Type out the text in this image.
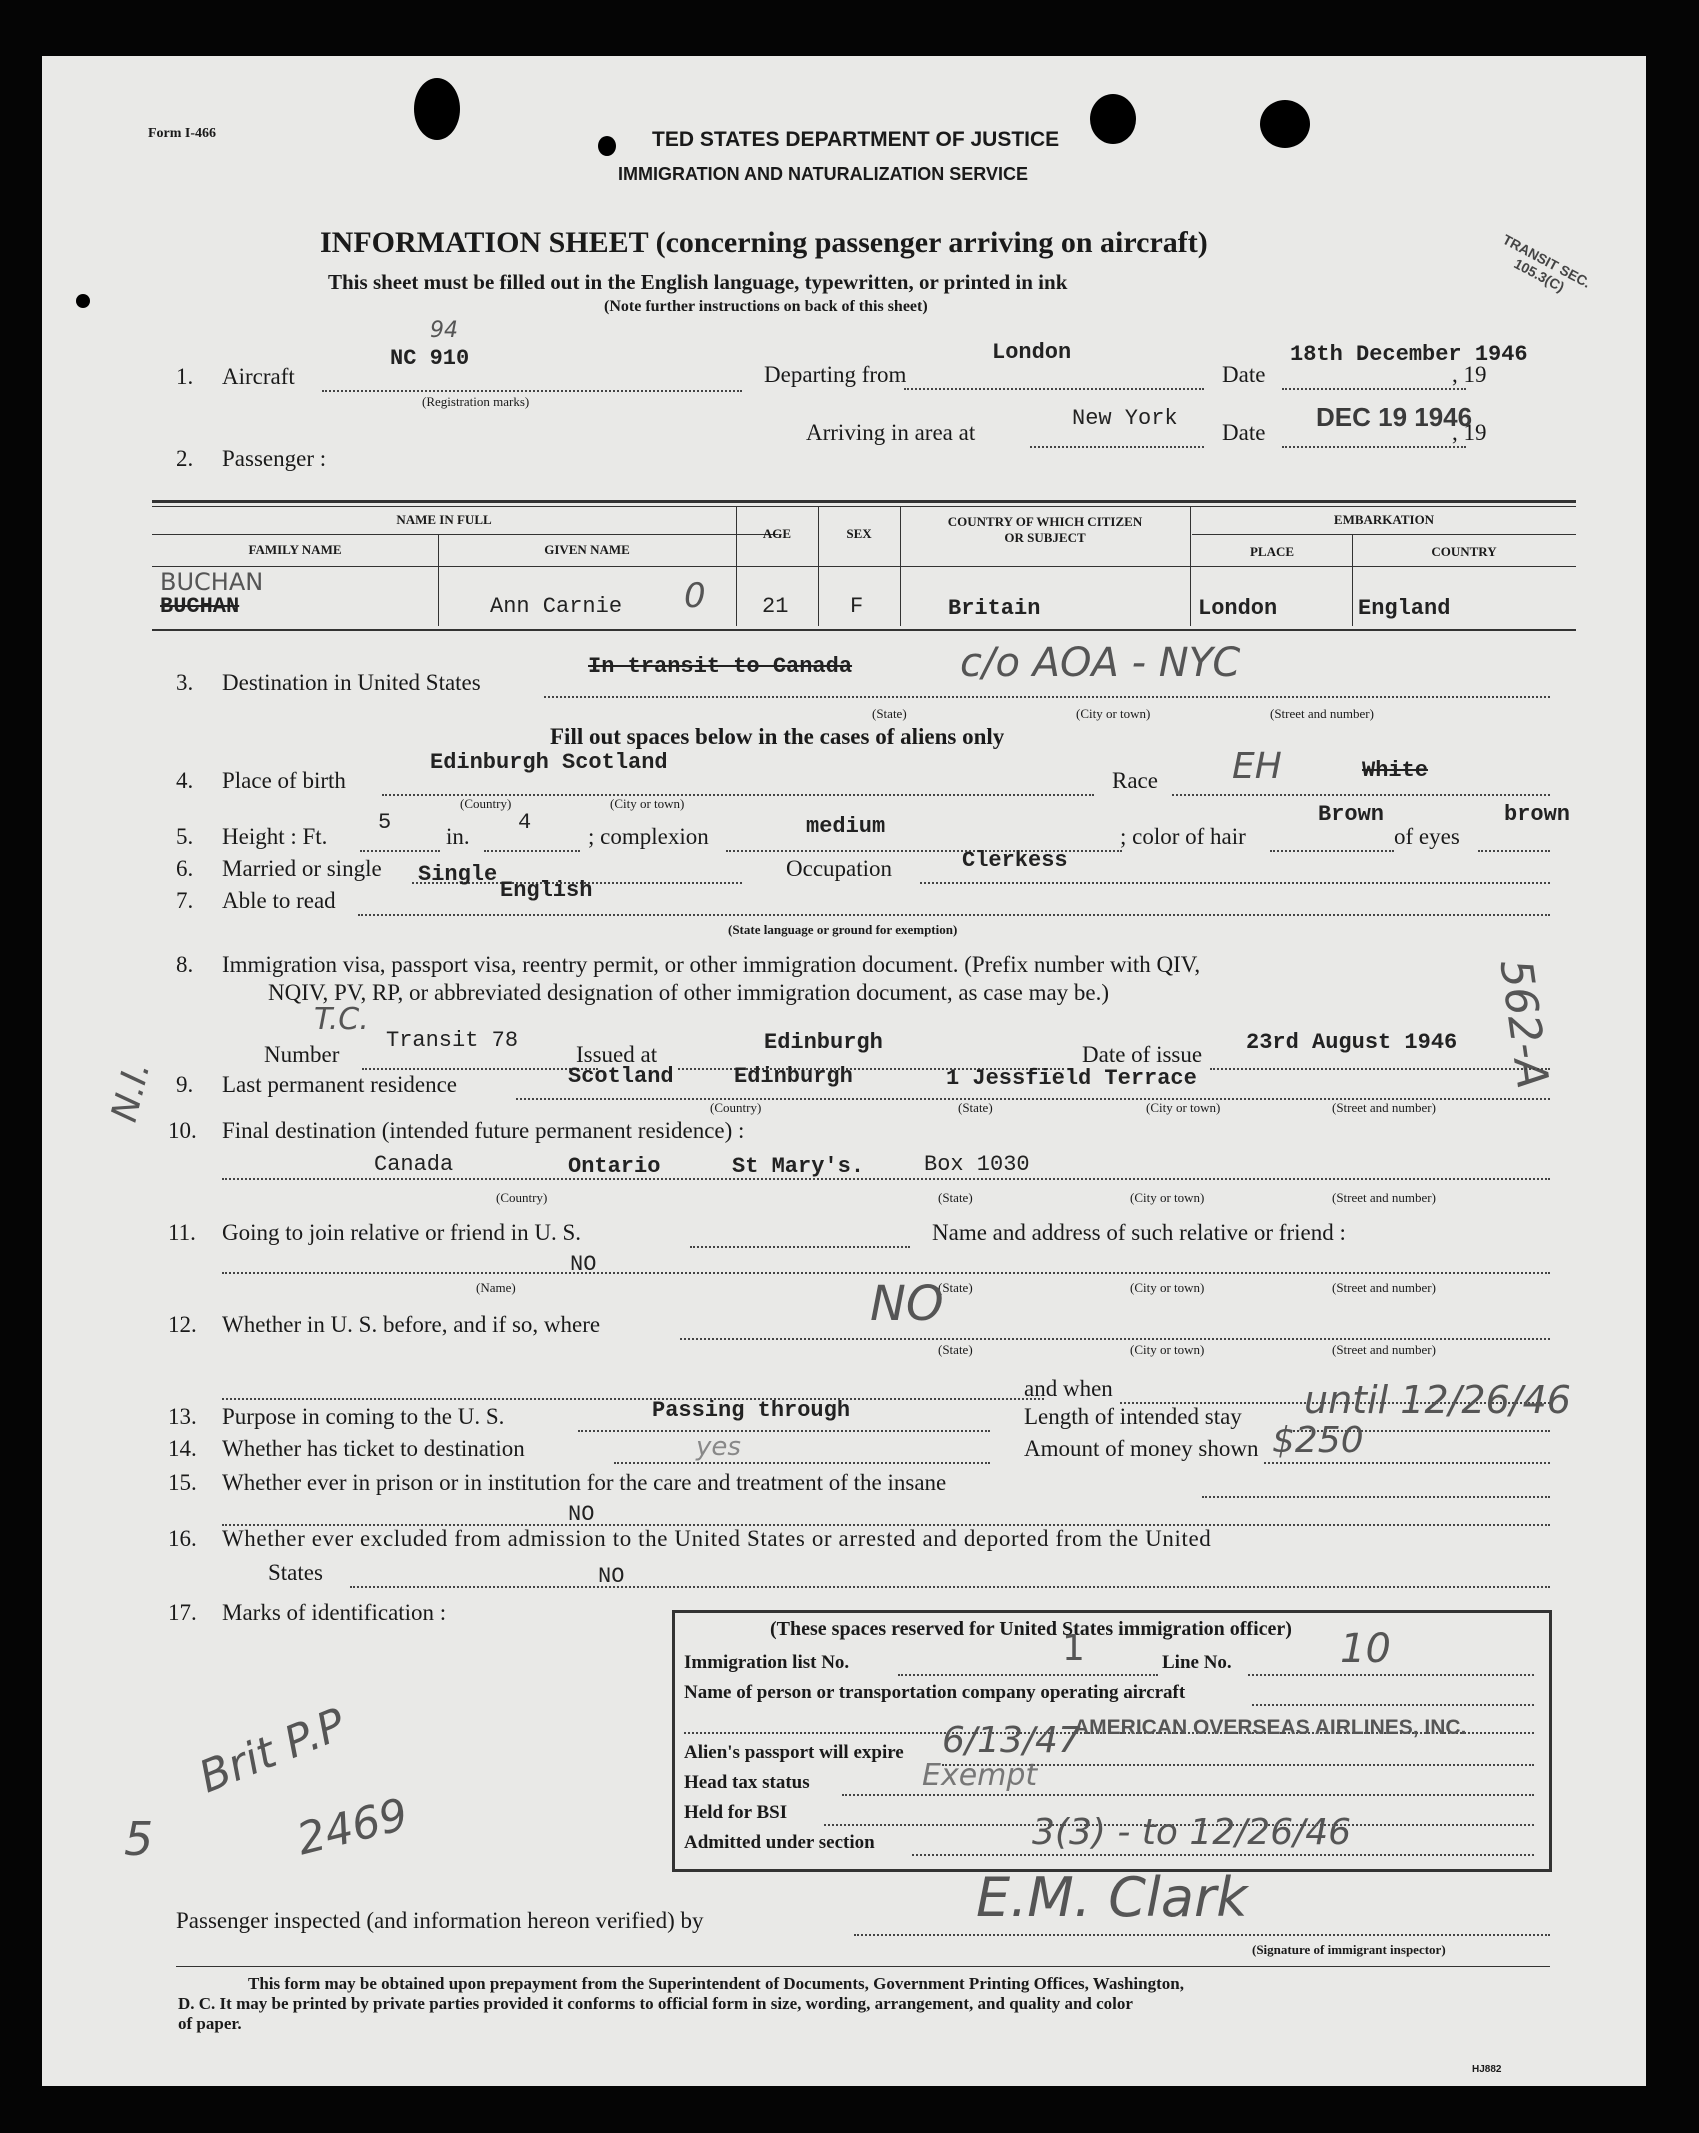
Form I-466	TED STATES DEPARTMENT OF JUSTICE
IMMIGRATION AND NATURALIZATION SERVICE
INFORMATION SHEET (concerning passenger arriving on aircraft)
This sheet must be filled out in the English language, typewritten, or printed in ink
(Note further instructions on back of this sheet)
TRANSIT SEC. 105.3(C)
1. Aircraft
NC 910
94
(Registration marks)
Departing from
London
Date	, 19
18th December 1946
Arriving in area at
New York
Date	, 19
DEC 19 1946
2. Passenger :
NAME IN FULL
FAMILY NAME	GIVEN NAME
AGE	SEX
COUNTRY OF WHICH CITIZEN OR SUBJECT
EMBARKATION
PLACE	COUNTRY
BUCHAN
BUCHAN
Ann Carnie 0	21	F	Britain	London	England
3. Destination in United States
In transit to Canada	c/o AOA - NYC
(State)	(City or town)	(Street and number)
Fill out spaces below in the cases of aliens only
4. Place of birth
Edinburgh Scotland
(Country)	(City or town)
Race EH	White
5. Height : Ft.
5
in.
4
; complexion	medium	; color of hair
Brown
of eyes
brown
6. Married or single Single	Occupation	Clerkess
7. Able to read	English
(State language or ground for exemption)
562-A
8. Immigration visa, passport visa, reentry permit, or other immigration document. (Prefix number with QIV,
NQIV, PV, RP, or abbreviated designation of other immigration document, as case may be.)
T.C.
Number
Transit 78
Issued at	Edinburgh	Date of issue 23rd August 1946
N.I. 9. Last permanent residence	Scotland	Edinburgh	1 Jessfield Terrace
(Country)	(State)	(City or town)	(Street and number)
10. Final destination (intended future permanent residence) :
Canada	Ontario	St Mary's.	Box 1030
(Country)	(State)	(City or town)	(Street and number)
11. Going to join relative or friend in U. S.	Name and address of such relative or friend :
NO
(Name)	(State)	(City or town)	(Street and number)
12. Whether in U. S. before, and if so, where	NO
(State)	(City or town)	(Street and number)
and when
13. Purpose in coming to the U. S.	Passing through	Length of intended stay until 12/26/46
14. Whether has ticket to destination	yes	Amount of money shown $250
15. Whether ever in prison or in institution for the care and treatment of the insane
NO
16. Whether ever excluded from admission to the United States or arrested and deported from the United
States	NO
17. Marks of identification :
Brit P.P
2469
5
(These spaces reserved for United States immigration officer)
Immigration list No.	1	Line No.	10
Name of person or transportation company operating aircraft
AMERICAN OVERSEAS AIRLINES, INC.
Alien's passport will expire 6/13/47
Head tax status	Exempt
Held for BSI
Admitted under section	3(3) - to 12/26/46
Passenger inspected (and information hereon verified) by	E.M. Clark
(Signature of immigrant inspector)
This form may be obtained upon prepayment from the Superintendent of Documents, Government Printing Offices, Washington,
D. C. It may be printed by private parties provided it conforms to official form in size, wording, arrangement, and quality and color
of paper.
HJ882
